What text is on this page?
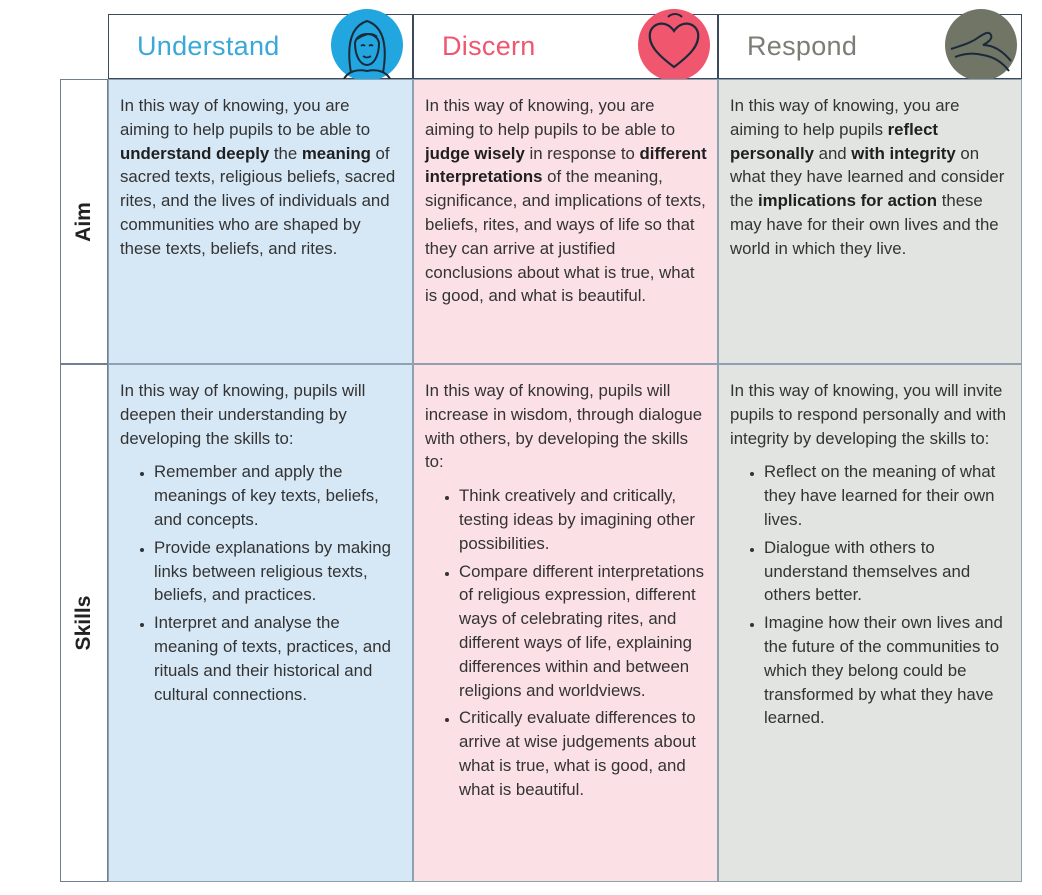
Understand	Discern	Respond
Aim

In this way of knowing, you are aiming to help pupils to be able to understand deeply the meaning of sacred texts, religious beliefs, sacred rites, and the lives of individuals and communities who are shaped by these texts, beliefs, and rites.

In this way of knowing, you are aiming to help pupils to be able to judge wisely in response to different interpretations of the meaning, significance, and implications of texts, beliefs, rites, and ways of life so that they can arrive at justified conclusions about what is true, what is good, and what is beautiful.

In this way of knowing, you are aiming to help pupils reflect personally and with integrity on what they have learned and consider the implications for action these may have for their own lives and the world in which they live.

Skills

In this way of knowing, pupils will deepen their understanding by developing the skills to:

• Remember and apply the meanings of key texts, beliefs, and concepts.
• Provide explanations by making links between religious texts, beliefs, and practices.
• Interpret and analyse the meaning of texts, practices, and rituals and their historical and cultural connections.

In this way of knowing, pupils will increase in wisdom, through dialogue with others, by developing the skills to:

• Think creatively and critically, testing ideas by imagining other possibilities.
• Compare different interpretations of religious expression, different ways of celebrating rites, and different ways of life, explaining differences within and between religions and worldviews.
• Critically evaluate differences to arrive at wise judgements about what is true, what is good, and what is beautiful.

In this way of knowing, you will invite pupils to respond personally and with integrity by developing the skills to:

• Reflect on the meaning of what they have learned for their own lives.
• Dialogue with others to understand themselves and others better.
• Imagine how their own lives and the future of the communities to which they belong could be transformed by what they have learned.
